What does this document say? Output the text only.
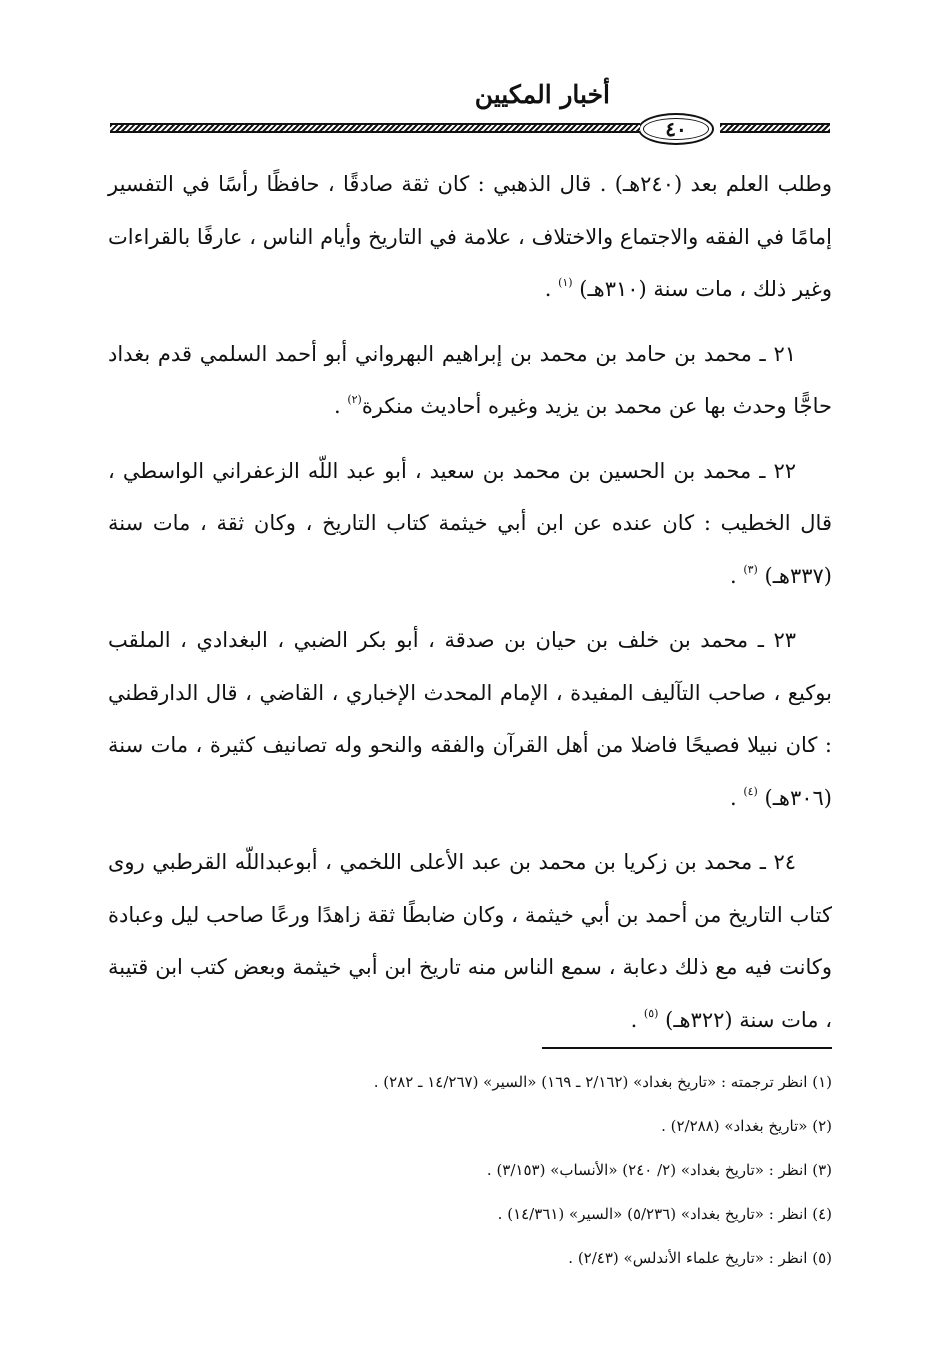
أخبار المكيين
٤٠

وطلب العلم بعد (٢٤٠هـ) . قال الذهبي : كان ثقة صادقًا ، حافظًا رأسًا في التفسير إمامًا في الفقه والاجتماع والاختلاف ، علامة في التاريخ وأيام الناس ، عارفًا بالقراءات وغير ذلك ، مات سنة (٣١٠هـ) $^{(١)}$ .

٢١ ـ محمد بن حامد بن محمد بن إبراهيم البهرواني أبو أحمد السلمي قدم بغداد حاجًّا وحدث بها عن محمد بن يزيد وغيره أحاديث منكرة$^{(٢)}$ .

٢٢ ـ محمد بن الحسين بن محمد بن سعيد ، أبو عبد اللّه الزعفراني الواسطي ، قال الخطيب : كان عنده عن ابن أبي خيثمة كتاب التاريخ ، وكان ثقة ، مات سنة (٣٣٧هـ) $^{(٣)}$ .

٢٣ ـ محمد بن خلف بن حيان بن صدقة ، أبو بكر الضبي ، البغدادي ، الملقب بوكيع ، صاحب التآليف المفيدة ، الإمام المحدث الإخباري ، القاضي ، قال الدارقطني : كان نبيلا فصيحًا فاضلا من أهل القرآن والفقه والنحو وله تصانيف كثيرة ، مات سنة (٣٠٦هـ) $^{(٤)}$ .

٢٤ ـ محمد بن زكريا بن محمد بن عبد الأعلى اللخمي ، أبوعبداللّه القرطبي روى كتاب التاريخ من أحمد بن أبي خيثمة ، وكان ضابطًا ثقة زاهدًا ورعًا صاحب ليل وعبادة وكانت فيه مع ذلك دعابة ، سمع الناس منه تاريخ ابن أبي خيثمة وبعض كتب ابن قتيبة ، مات سنة (٣٢٢هـ) $^{(٥)}$ .

(١) انظر ترجمته : «تاريخ بغداد» (٢/١٦٢ ـ ١٦٩) «السير» (١٤/٢٦٧ ـ ٢٨٢) .
(٢) «تاريخ بغداد» (٢/٢٨٨) .
(٣) انظر : «تاريخ بغداد» (٢/ ٢٤٠) «الأنساب» (٣/١٥٣) .
(٤) انظر : «تاريخ بغداد» (٥/٢٣٦) «السير» (١٤/٣٦١) .
(٥) انظر : «تاريخ علماء الأندلس» (٢/٤٣) .
